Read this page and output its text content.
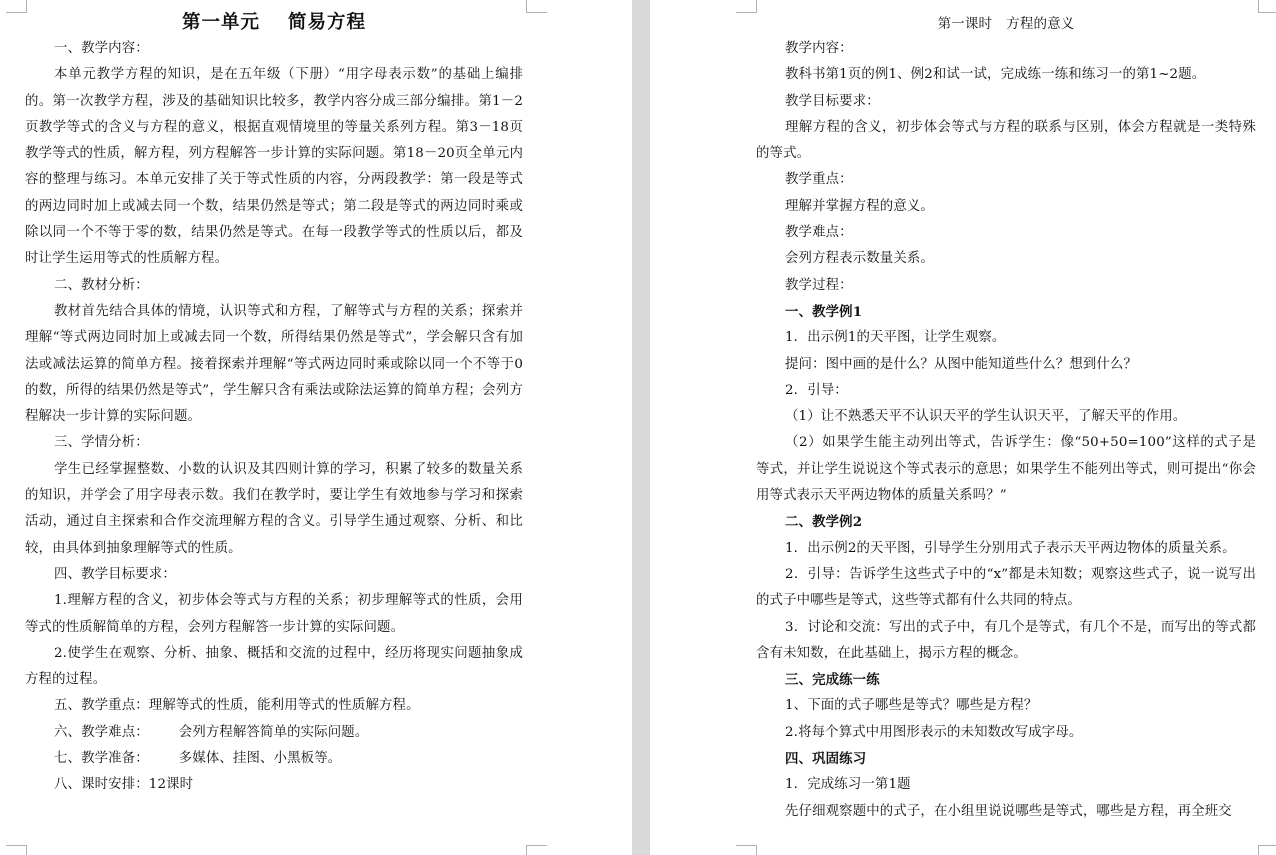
第一单元 简易方程

一、教学内容：

本单元教学方程的知识，是在五年级（下册）“用字母表示数”的基础上编排的。第一次教学方程，涉及的基础知识比较多，教学内容分成三部分编排。第1－2页教学等式的含义与方程的意义，根据直观情境里的等量关系列方程。第3－18页教学等式的性质，解方程，列方程解答一步计算的实际问题。第18－20页全单元内容的整理与练习。本单元安排了关于等式性质的内容，分两段教学：第一段是等式的两边同时加上或减去同一个数，结果仍然是等式；第二段是等式的两边同时乘或除以同一个不等于零的数，结果仍然是等式。在每一段教学等式的性质以后，都及时让学生运用等式的性质解方程。

二、教材分析：

教材首先结合具体的情境，认识等式和方程，了解等式与方程的关系；探索并理解“等式两边同时加上或减去同一个数，所得结果仍然是等式”，学会解只含有加法或减法运算的简单方程。接着探索并理解“等式两边同时乘或除以同一个不等于0的数，所得的结果仍然是等式”，学生解只含有乘法或除法运算的简单方程；会列方程解决一步计算的实际问题。

三、学情分析：

学生已经掌握整数、小数的认识及其四则计算的学习，积累了较多的数量关系的知识，并学会了用字母表示数。我们在教学时，要让学生有效地参与学习和探索活动，通过自主探索和合作交流理解方程的含义。引导学生通过观察、分析、和比较，由具体到抽象理解等式的性质。

四、教学目标要求：

1.理解方程的含义，初步体会等式与方程的关系；初步理解等式的性质，会用等式的性质解简单的方程，会列方程解答一步计算的实际问题。

2.使学生在观察、分析、抽象、概括和交流的过程中，经历将现实问题抽象成方程的过程。

五、教学重点：理解等式的性质，能利用等式的性质解方程。

六、教学难点： 会列方程解答简单的实际问题。

七、教学准备： 多媒体、挂图、小黑板等。

八、课时安排：12课时

第一课时 方程的意义

教学内容：

教科书第1页的例1、例2和试一试，完成练一练和练习一的第1~2题。

教学目标要求：

理解方程的含义，初步体会等式与方程的联系与区别，体会方程就是一类特殊的等式。

教学重点：

理解并掌握方程的意义。

教学难点：

会列方程表示数量关系。

教学过程：

一、教学例1

1．出示例1的天平图，让学生观察。

提问：图中画的是什么？从图中能知道些什么？想到什么？

2．引导：

（1）让不熟悉天平不认识天平的学生认识天平，了解天平的作用。

（2）如果学生能主动列出等式，告诉学生：像“50+50=100”这样的式子是等式，并让学生说说这个等式表示的意思；如果学生不能列出等式，则可提出“你会用等式表示天平两边物体的质量关系吗？”

二、教学例2

1．出示例2的天平图，引导学生分别用式子表示天平两边物体的质量关系。

2．引导：告诉学生这些式子中的“x”都是未知数；观察这些式子，说一说写出的式子中哪些是等式，这些等式都有什么共同的特点。

3．讨论和交流：写出的式子中，有几个是等式，有几个不是，而写出的等式都含有未知数，在此基础上，揭示方程的概念。

三、完成练一练

1、下面的式子哪些是等式？哪些是方程？

2.将每个算式中用图形表示的未知数改写成字母。

四、巩固练习

1．完成练习一第1题

先仔细观察题中的式子，在小组里说说哪些是等式，哪些是方程，再全班交
